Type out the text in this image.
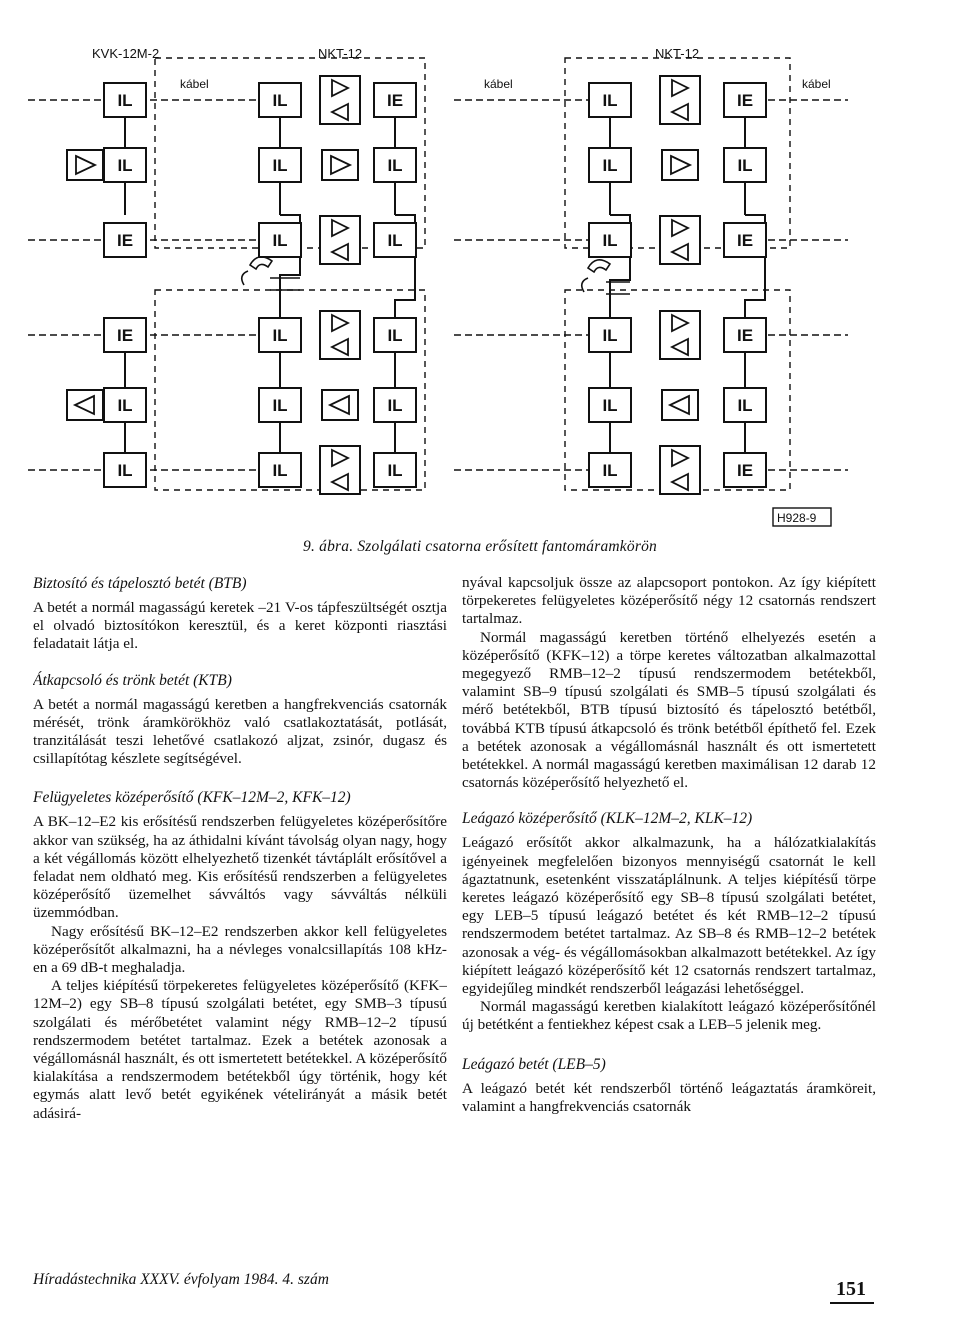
KVK-12M-2	NKT-12	NKT-12
kábel	kábel	kábel
IL	IL	IE	IL	IE
IL	IL	IL	IL	IL
IE	IL	IL	IL	IE
IE	IL	IL	IL	IE
IL	IL	IL	IL	IL
IL	IL	IL	IL	IE
H928-9
9. ábra. Szolgálati csatorna erősített fantomáramkörön
Biztosító és tápelosztó betét (BTB)

A betét a normál magasságú keretek –21 V-os tápfeszültségét osztja el olvadó biztosítókon keresztül, és a keret központi riasztási feladatait látja el.

Átkapcsoló és trönk betét (KTB)

A betét a normál magasságú keretben a hangfrekvenciás csatornák mérését, trönk áramkörökhöz való csatlakoztatását, potlását, tranzitálását teszi lehetővé csatlakozó aljzat, zsinór, dugasz és csillapítótag készlete segítségével.

Felügyeletes középerősítő (KFK–12M–2, KFK–12)

A BK–12–E2 kis erősítésű rendszerben felügyeletes középerősítőre akkor van szükség, ha az áthidalni kívánt távolság olyan nagy, hogy a két végállomás között elhelyezhető tizenkét távtáplált erősítővel a feladat nem oldható meg. Kis erősítésű rendszerben a felügyeletes középerősítő üzemelhet sávváltós vagy sávváltás nélküli üzemmódban.

Nagy erősítésű BK–12–E2 rendszerben akkor kell felügyeletes középerősítőt alkalmazni, ha a névleges vonalcsillapítás 108 kHz-en a 69 dB-t meghaladja.

A teljes kiépítésű törpekeretes felügyeletes középerősítő (KFK–12M–2) egy SB–8 típusú szolgálati betétet, egy SMB–3 típusú szolgálati és mérőbetétet valamint négy RMB–12–2 típusú rendszermodem betétet tartalmaz. Ezek a betétek azonosak a végállomásnál használt, és ott ismertetett betétekkel. A középerősítő kialakítása a rendszermodem betétekből úgy történik, hogy két egymás alatt levő betét egyikének vételirányát a másik betét adásirá-

nyával kapcsoljuk össze az alapcsoport pontokon. Az így kiépített törpekeretes felügyeletes középerősítő négy 12 csatornás rendszert tartalmaz.

Normál magasságú keretben történő elhelyezés esetén a középerősítő (KFK–12) a törpe keretes változatban alkalmazottal megegyező RMB–12–2 típusú rendszermodem betétekből, valamint SB–9 típusú szolgálati és SMB–5 típusú szolgálati és mérő betétekből, BTB típusú biztosító és tápelosztó betétből, továbbá KTB típusú átkapcsoló és trönk betétből építhető fel. Ezek a betétek azonosak a végállomásnál használt és ott ismertetett betétekkel. A normál magasságú keretben maximálisan 12 darab 12 csatornás középerősítő helyezhető el.

Leágazó középerősítő (KLK–12M–2, KLK–12)

Leágazó erősítőt akkor alkalmazunk, ha a hálózatkialakítás igényeinek megfelelően bizonyos mennyiségű csatornát le kell ágaztatnunk, esetenként visszatáplálnunk. A teljes kiépítésű törpe keretes leágazó középerősítő egy SB–8 típusú szolgálati betétet, egy LEB–5 típusú leágazó betétet és két RMB–12–2 típusú rendszermodem betétet tartalmaz. Az SB–8 és RMB–12–2 betétek azonosak a vég- és végállomásokban alkalmazott betétekkel. Az így kiépített leágazó középerősítő két 12 csatornás rendszert tartalmaz, egyidejűleg mindkét rendszerből leágazási lehetőséggel.

Normál magasságú keretben kialakított leágazó középerősítőnél új betétként a fentiekhez képest csak a LEB–5 jelenik meg.

Leágazó betét (LEB–5)

A leágazó betét két rendszerből történő leágaztatás áramköreit, valamint a hangfrekvenciás csatornák

Híradástechnika XXXV. évfolyam 1984. 4. szám	151
